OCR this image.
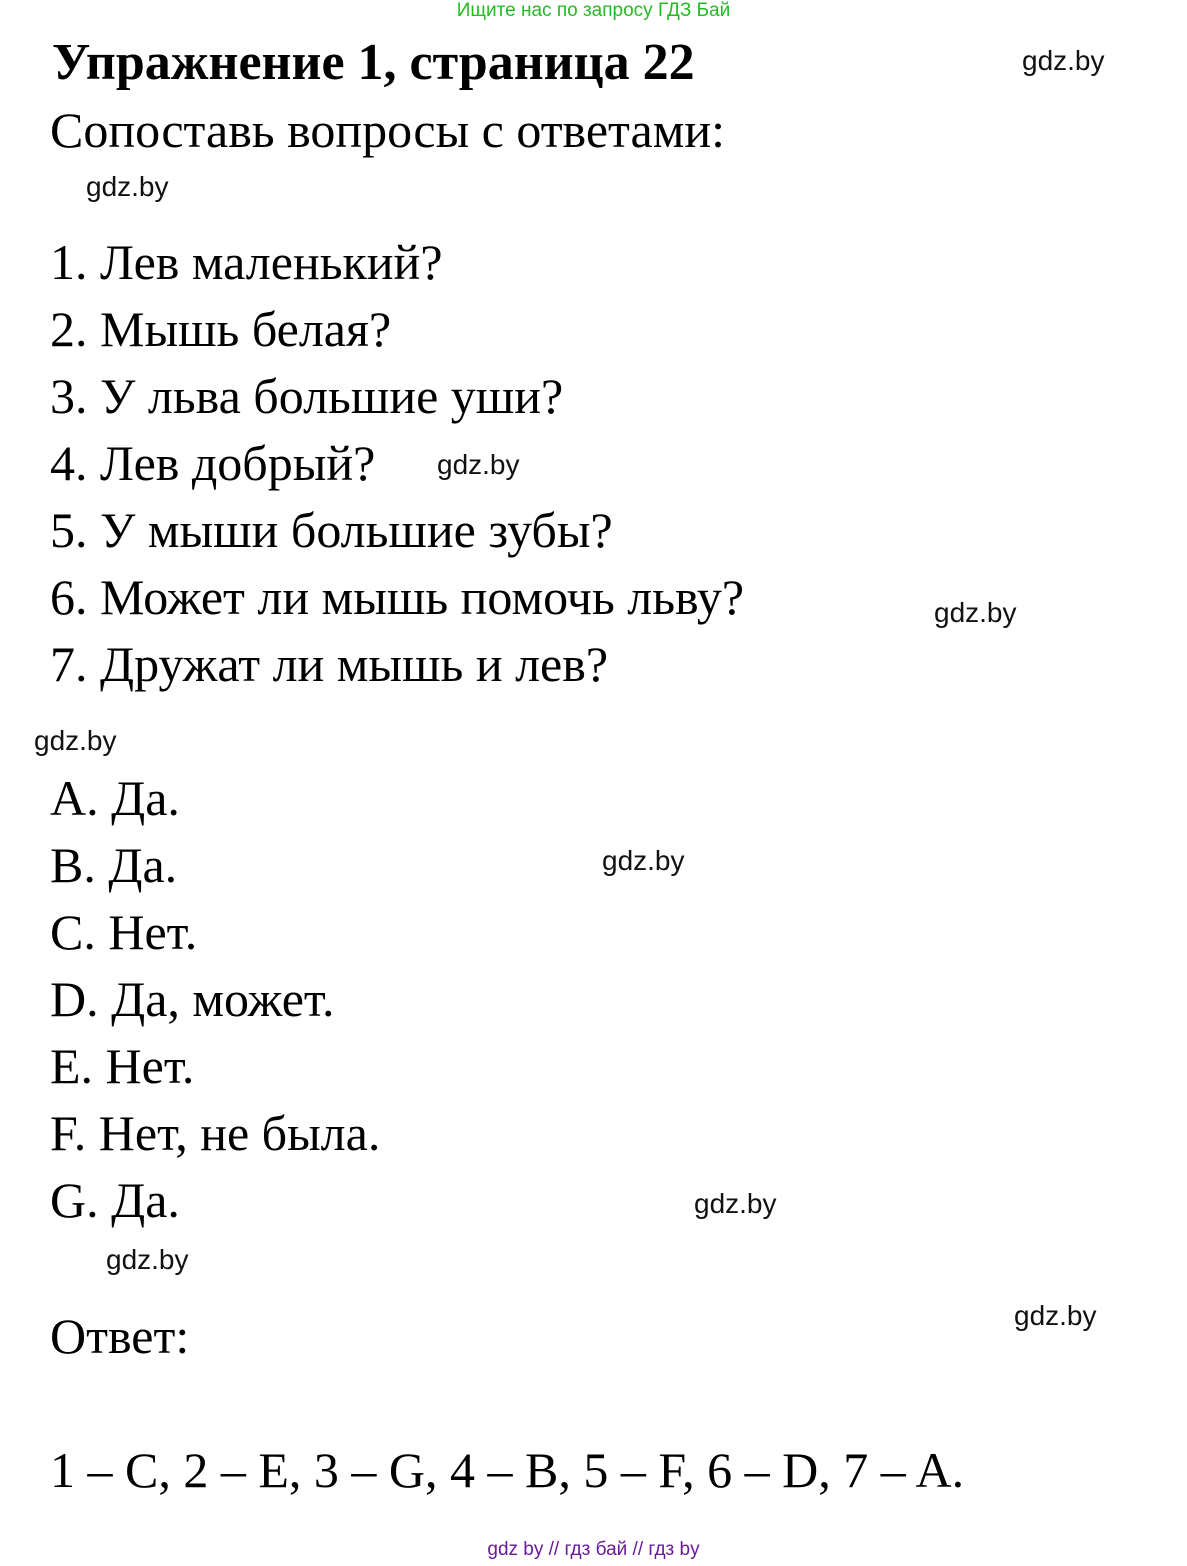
Ищите нас по запросу ГДЗ Бай
Упражнение 1, страница 22	gdz.by
Сопоставь вопросы с ответами:
gdz.by
1. Лев маленький?
2. Мышь белая?
3. У льва большие уши?
4. Лев добрый? gdz.by
5. У мыши большие зубы?
6. Может ли мышь помочь льву?	gdz.by
7. Дружат ли мышь и лев?
gdz.by
A. Да.
B. Да.	gdz.by
C. Нет.
D. Да, может.
E. Нет.
F. Нет, не была.
G. Да.	gdz.by
gdz.by
gdz.by
Ответ:
1 – C, 2 – E, 3 – G, 4 – B, 5 – F, 6 – D, 7 – A.
gdz by // гдз бай // гдз by
